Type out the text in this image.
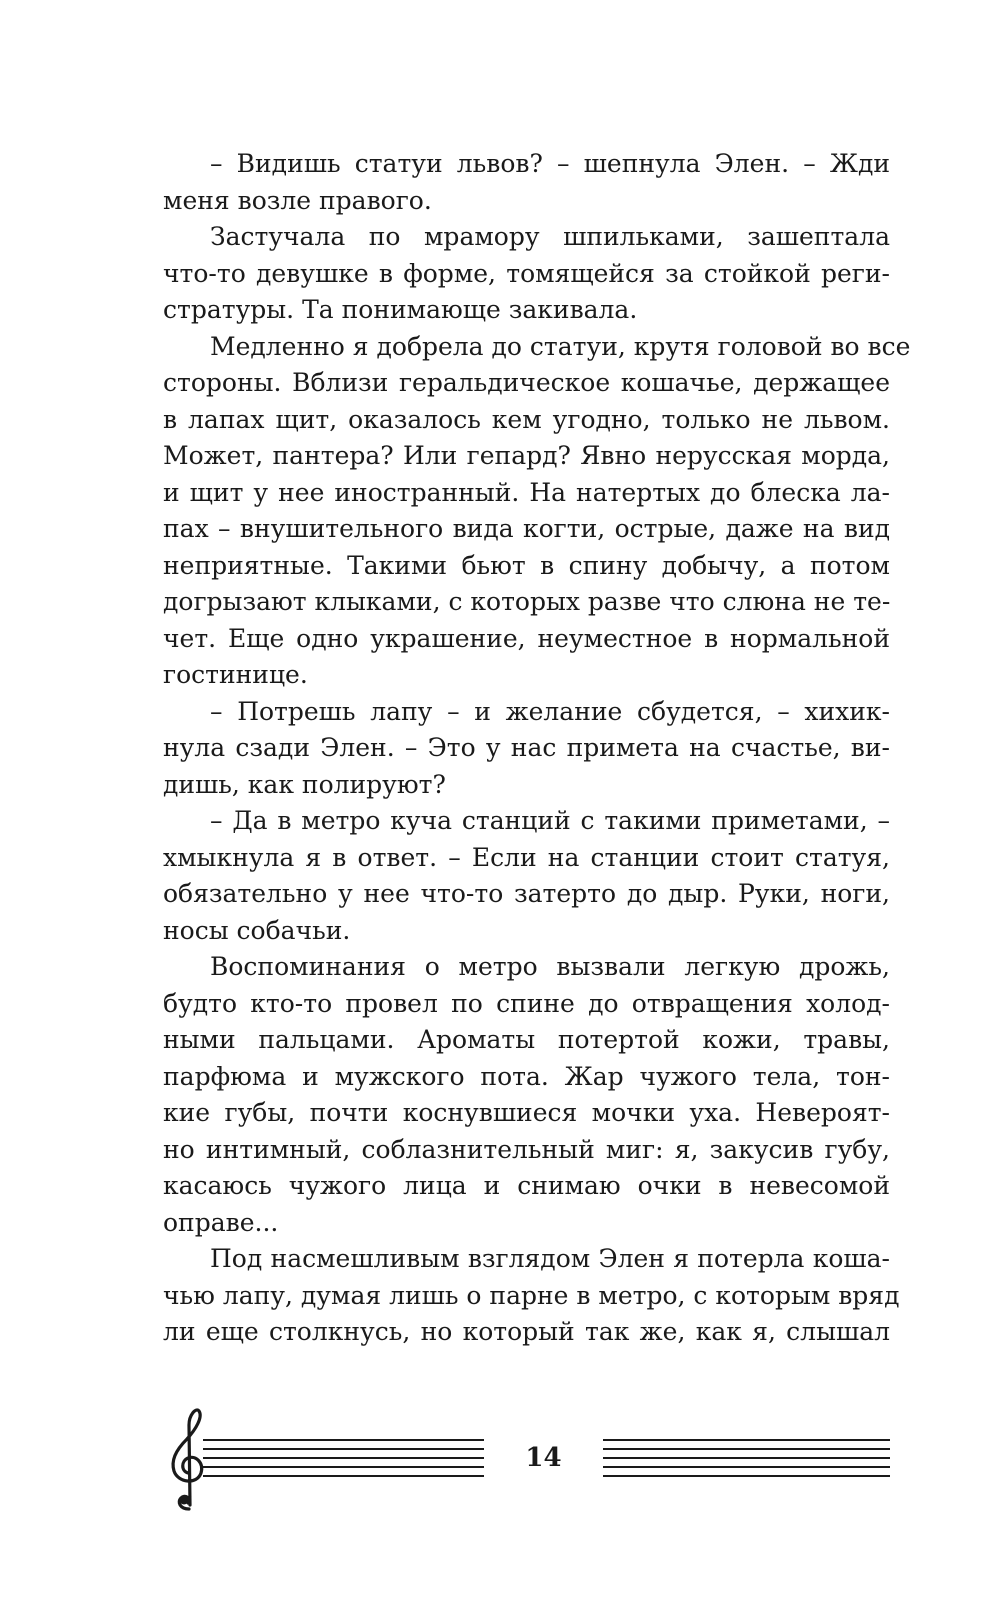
– Видишь статуи львов? – шепнула Элен. – Жди
меня возле правого.
Застучала по мрамору шпильками, зашептала
что-то девушке в форме, томящейся за стойкой реги-
стратуры. Та понимающе закивала.
Медленно я добрела до статуи, крутя головой во все
стороны. Вблизи геральдическое кошачье, держащее
в лапах щит, оказалось кем угодно, только не львом.
Может, пантера? Или гепард? Явно нерусская морда,
и щит у нее иностранный. На натертых до блеска ла-
пах – внушительного вида когти, острые, даже на вид
неприятные. Такими бьют в спину добычу, а потом
догрызают клыками, с которых разве что слюна не те-
чет. Еще одно украшение, неуместное в нормальной
гостинице.
– Потрешь лапу – и желание сбудется, – хихик-
нула сзади Элен. – Это у нас примета на счастье, ви-
дишь, как полируют?
– Да в метро куча станций с такими приметами, –
хмыкнула я в ответ. – Если на станции стоит статуя,
обязательно у нее что-то затерто до дыр. Руки, ноги,
носы собачьи.
Воспоминания о метро вызвали легкую дрожь,
будто кто-то провел по спине до отвращения холод-
ными пальцами. Ароматы потертой кожи, травы,
парфюма и мужского пота. Жар чужого тела, тон-
кие губы, почти коснувшиеся мочки уха. Невероят-
но интимный, соблазнительный миг: я, закусив губу,
касаюсь чужого лица и снимаю очки в невесомой
оправе...
Под насмешливым взглядом Элен я потерла коша-
чью лапу, думая лишь о парне в метро, с которым вряд
ли еще столкнусь, но который так же, как я, слышал
14
